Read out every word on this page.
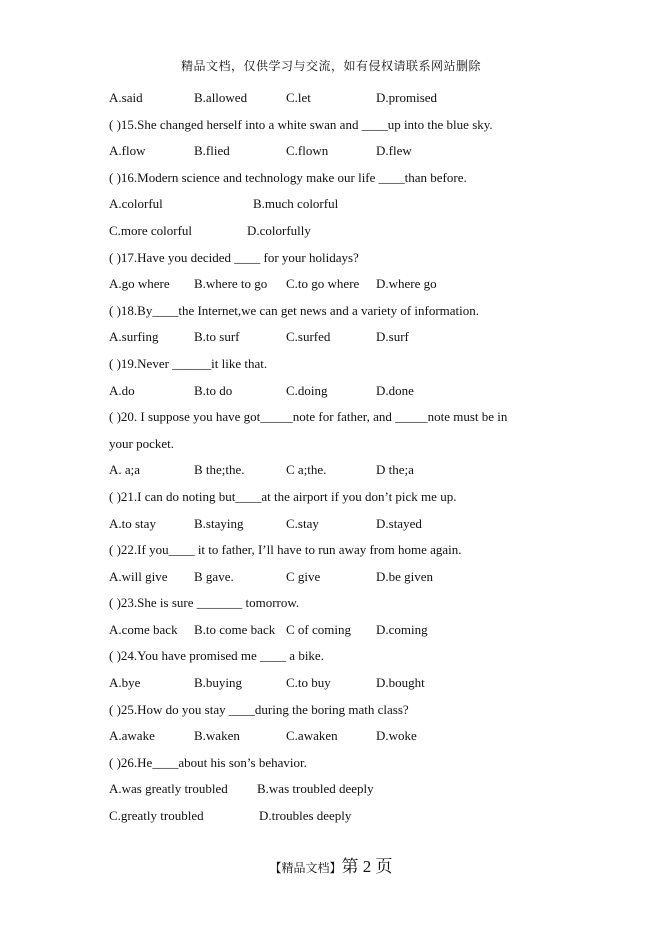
精品文档，仅供学习与交流，如有侵权请联系网站删除
A.said	B.allowed	C.let	D.promised
( )15.She changed herself into a white swan and ____up into the blue sky.
A.flow	B.flied	C.flown	D.flew
( )16.Modern science and technology make our life ____than before.
A.colorful	B.much colorful
C.more colorful	D.colorfully
( )17.Have you decided ____ for your holidays?
A.go where B.where to go C.to go where D.where go
( )18.By____the Internet,we can get news and a variety of information.
A.surfing	B.to surf	C.surfed	D.surf
( )19.Never ______it like that.
A.do	B.to do	C.doing	D.done
( )20. I suppose you have got_____note for father, and _____note must be in
your pocket.
A. a;a	B the;the.	C a;the.	D the;a
( )21.I can do noting but____at the airport if you don’t pick me up.
A.to stay	B.staying	C.stay	D.stayed
( )22.If you____ it to father, I’ll have to run away from home again.
A.will give B gave.	C give	D.be given
( )23.She is sure _______ tomorrow.
A.come back B.to come back C of coming D.coming
( )24.You have promised me ____ a bike.
A.bye	B.buying	C.to buy	D.bought
( )25.How do you stay ____during the boring math class?
A.awake	B.waken	C.awaken	D.woke
( )26.He____about his son’s behavior.
A.was greatly troubled B.was troubled deeply
C.greatly troubled	D.troubles deeply
【精品文档】第 2 页
